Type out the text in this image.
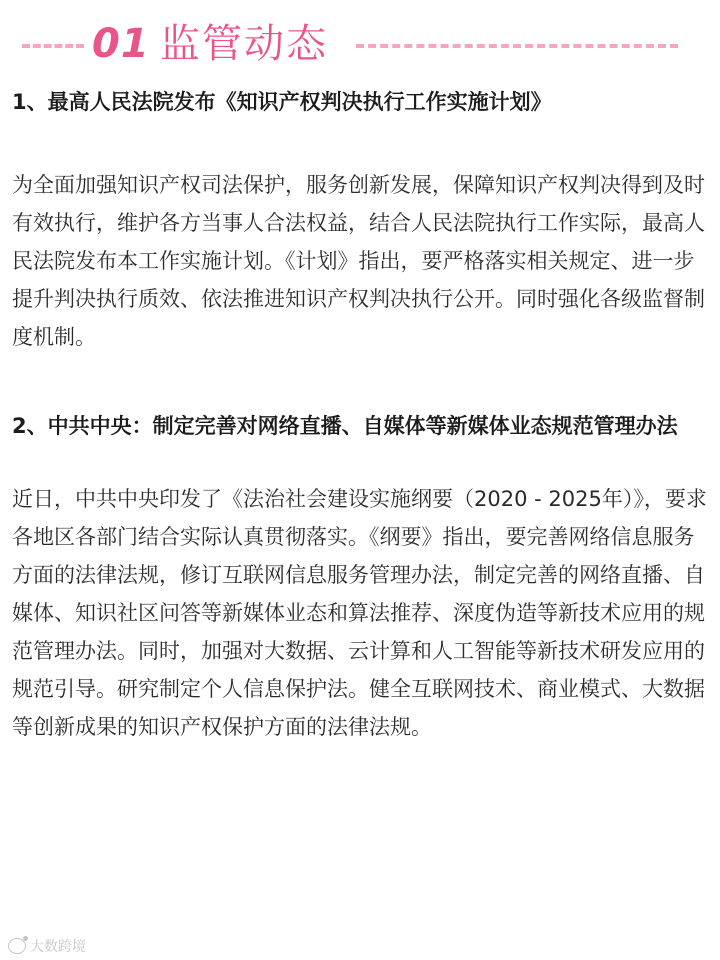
01 监管动态

1、最高人民法院发布《知识产权判决执行工作实施计划》

为全面加强知识产权司法保护，服务创新发展，保障知识产权判决得到及时有效执行，维护各方当事人合法权益，结合人民法院执行工作实际，最高人民法院发布本工作实施计划。《计划》指出，要严格落实相关规定、进一步提升判决执行质效、依法推进知识产权判决执行公开。同时强化各级监督制度机制。

2、中共中央：制定完善对网络直播、自媒体等新媒体业态规范管理办法

近日，中共中央印发了《法治社会建设实施纲要（2020 - 2025年）》，要求各地区各部门结合实际认真贯彻落实。《纲要》指出，要完善网络信息服务方面的法律法规，修订互联网信息服务管理办法，制定完善的网络直播、自媒体、知识社区问答等新媒体业态和算法推荐、深度伪造等新技术应用的规范管理办法。同时，加强对大数据、云计算和人工智能等新技术研发应用的规范引导。研究制定个人信息保护法。健全互联网技术、商业模式、大数据等创新成果的知识产权保护方面的法律法规。

大数跨境
